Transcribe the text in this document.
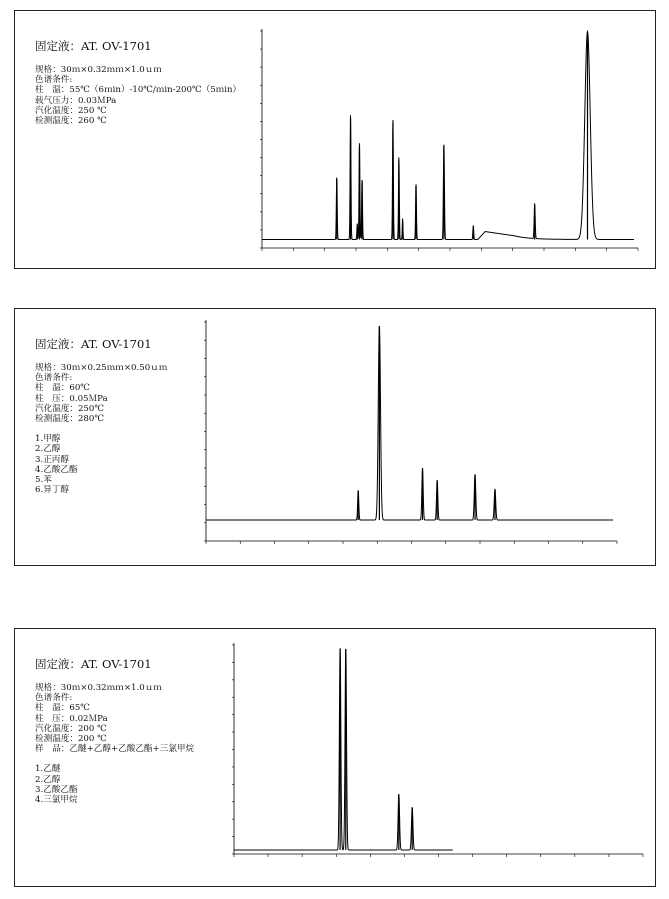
固定液：AT. OV-1701
规格：30ｍ×0.32ｍｍ×1.0ｕｍ
色谱条件:
柱　温：55℃（6ｍin）-10℃/ｍin-200℃（5ｍin）
载气压力：0.03ＭPa
汽化温度：250 ℃
检测温度：260 ℃
固定液：AT. OV-1701
规格：30ｍ×0.25ｍｍ×0.50ｕｍ
色谱条件:
柱　温：60℃
柱　压：0.05ＭPa
汽化温度：250℃
检测温度：280℃
1.甲醇
2.乙醇
3.正丙醇
4.乙酸乙酯
5.苯
6.异丁醇
固定液：AT. OV-1701
规格：30ｍ×0.32ｍｍ×1.0ｕｍ
色谱条件:
柱　温：65℃
柱　压：0.02ＭPa
汽化温度：200 ℃
检测温度：200 ℃
样　品：乙醚+乙醇+乙酸乙酯+三氯甲烷
1.乙醚
2.乙醇
3.乙酸乙酯
4.三氯甲烷
